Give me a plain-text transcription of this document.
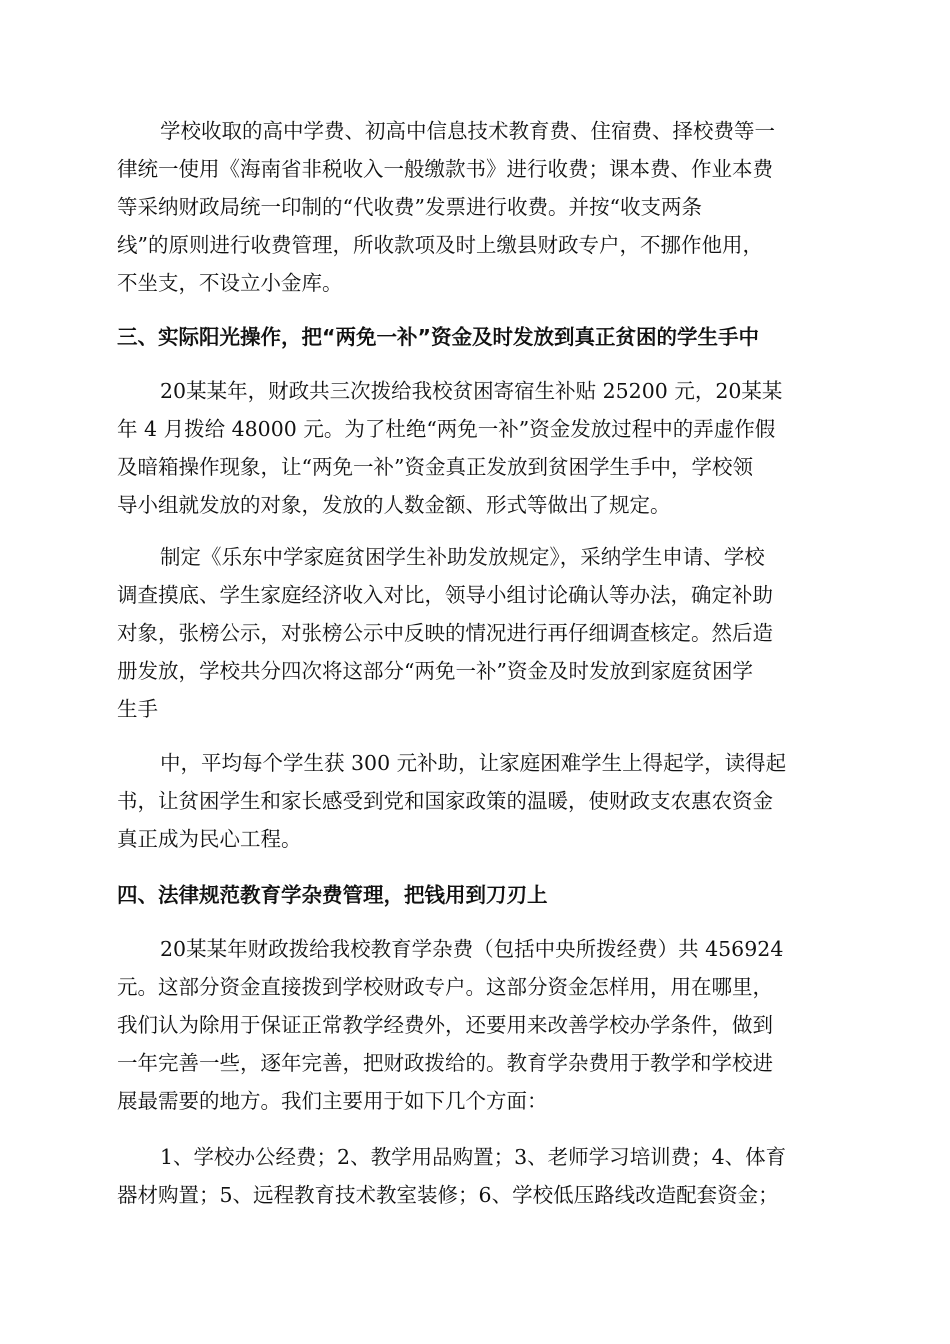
学校收取的高中学费、初高中信息技术教育费、住宿费、择校费等一
律统一使用《海南省非税收入一般缴款书》进行收费；课本费、作业本费
等采纳财政局统一印制的“代收费”发票进行收费。并按“收支两条
线”的原则进行收费管理，所收款项及时上缴县财政专户，不挪作他用，
不坐支，不设立小金库。
三、实际阳光操作，把“两免一补”资金及时发放到真正贫困的学生手中
20某某年，财政共三次拨给我校贫困寄宿生补贴 25200 元，20某某
年 4 月拨给 48000 元。为了杜绝“两免一补”资金发放过程中的弄虚作假
及暗箱操作现象，让“两免一补”资金真正发放到贫困学生手中，学校领
导小组就发放的对象，发放的人数金额、形式等做出了规定。
制定《乐东中学家庭贫困学生补助发放规定》，采纳学生申请、学校
调查摸底、学生家庭经济收入对比，领导小组讨论确认等办法，确定补助
对象，张榜公示，对张榜公示中反映的情况进行再仔细调查核定。然后造
册发放，学校共分四次将这部分“两免一补”资金及时发放到家庭贫困学
生手
中，平均每个学生获 300 元补助，让家庭困难学生上得起学，读得起
书，让贫困学生和家长感受到党和国家政策的温暖，使财政支农惠农资金
真正成为民心工程。
四、法律规范教育学杂费管理，把钱用到刀刃上
20某某年财政拨给我校教育学杂费（包括中央所拨经费）共 456924
元。这部分资金直接拨到学校财政专户。这部分资金怎样用，用在哪里，
我们认为除用于保证正常教学经费外，还要用来改善学校办学条件，做到
一年完善一些，逐年完善，把财政拨给的。教育学杂费用于教学和学校进
展最需要的地方。我们主要用于如下几个方面：
1、学校办公经费；2、教学用品购置；3、老师学习培训费；4、体育
器材购置；5、远程教育技术教室装修；6、学校低压路线改造配套资金；
